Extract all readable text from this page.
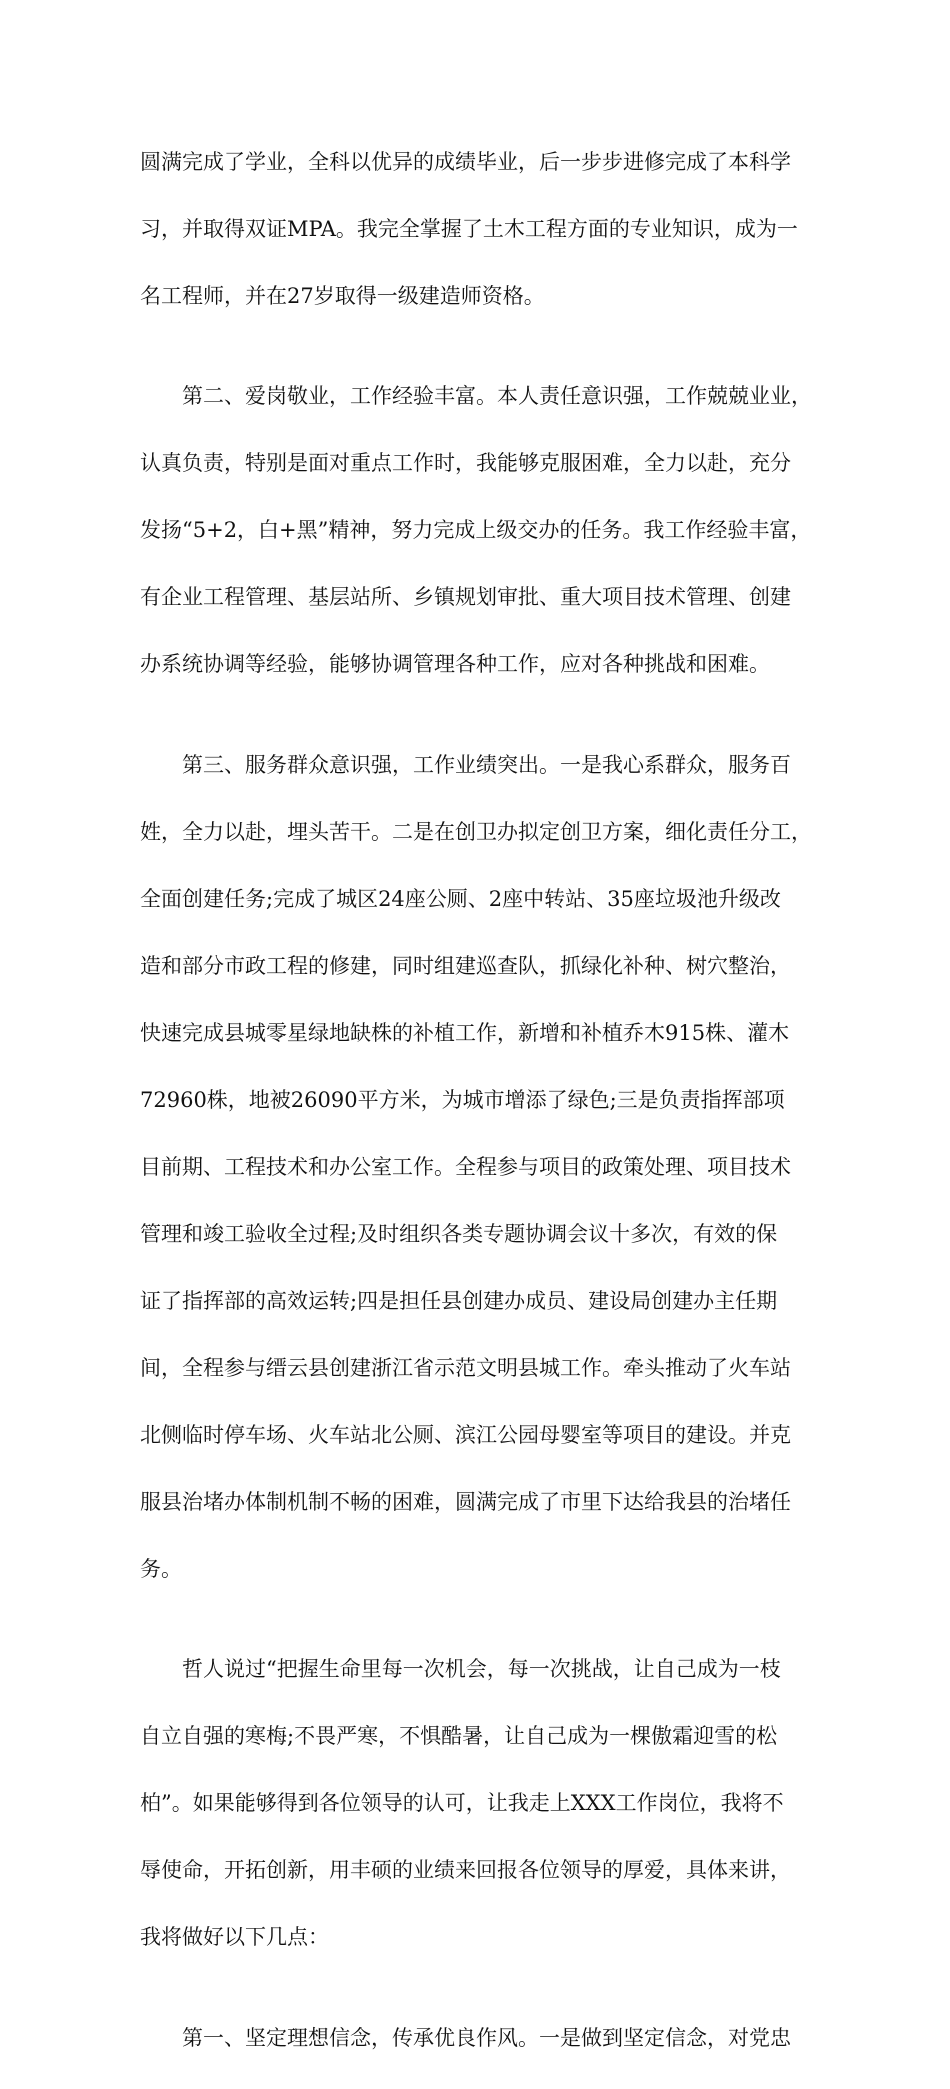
圆满完成了学业，全科以优异的成绩毕业，后一步步进修完成了本科学

习，并取得双证MPA。我完全掌握了土木工程方面的专业知识，成为一

名工程师，并在27岁取得一级建造师资格。

　　第二、爱岗敬业，工作经验丰富。本人责任意识强，工作兢兢业业，

认真负责，特别是面对重点工作时，我能够克服困难，全力以赴，充分

发扬“5+2，白+黑”精神，努力完成上级交办的任务。我工作经验丰富，

有企业工程管理、基层站所、乡镇规划审批、重大项目技术管理、创建

办系统协调等经验，能够协调管理各种工作，应对各种挑战和困难。

　　第三、服务群众意识强，工作业绩突出。一是我心系群众，服务百

姓，全力以赴，埋头苦干。二是在创卫办拟定创卫方案，细化责任分工，

全面创建任务;完成了城区24座公厕、2座中转站、35座垃圾池升级改

造和部分市政工程的修建，同时组建巡查队，抓绿化补种、树穴整治，

快速完成县城零星绿地缺株的补植工作，新增和补植乔木915株、灌木

72960株，地被26090平方米，为城市增添了绿色;三是负责指挥部项

目前期、工程技术和办公室工作。全程参与项目的政策处理、项目技术

管理和竣工验收全过程;及时组织各类专题协调会议十多次，有效的保

证了指挥部的高效运转;四是担任县创建办成员、建设局创建办主任期

间，全程参与缙云县创建浙江省示范文明县城工作。牵头推动了火车站

北侧临时停车场、火车站北公厕、滨江公园母婴室等项目的建设。并克

服县治堵办体制机制不畅的困难，圆满完成了市里下达给我县的治堵任

务。

　　哲人说过“把握生命里每一次机会，每一次挑战，让自己成为一枝

自立自强的寒梅;不畏严寒，不惧酷暑，让自己成为一棵傲霜迎雪的松

柏”。如果能够得到各位领导的认可，让我走上XXX工作岗位，我将不

辱使命，开拓创新，用丰硕的业绩来回报各位领导的厚爱，具体来讲，

我将做好以下几点：

　　第一、坚定理想信念，传承优良作风。一是做到坚定信念，对党忠
